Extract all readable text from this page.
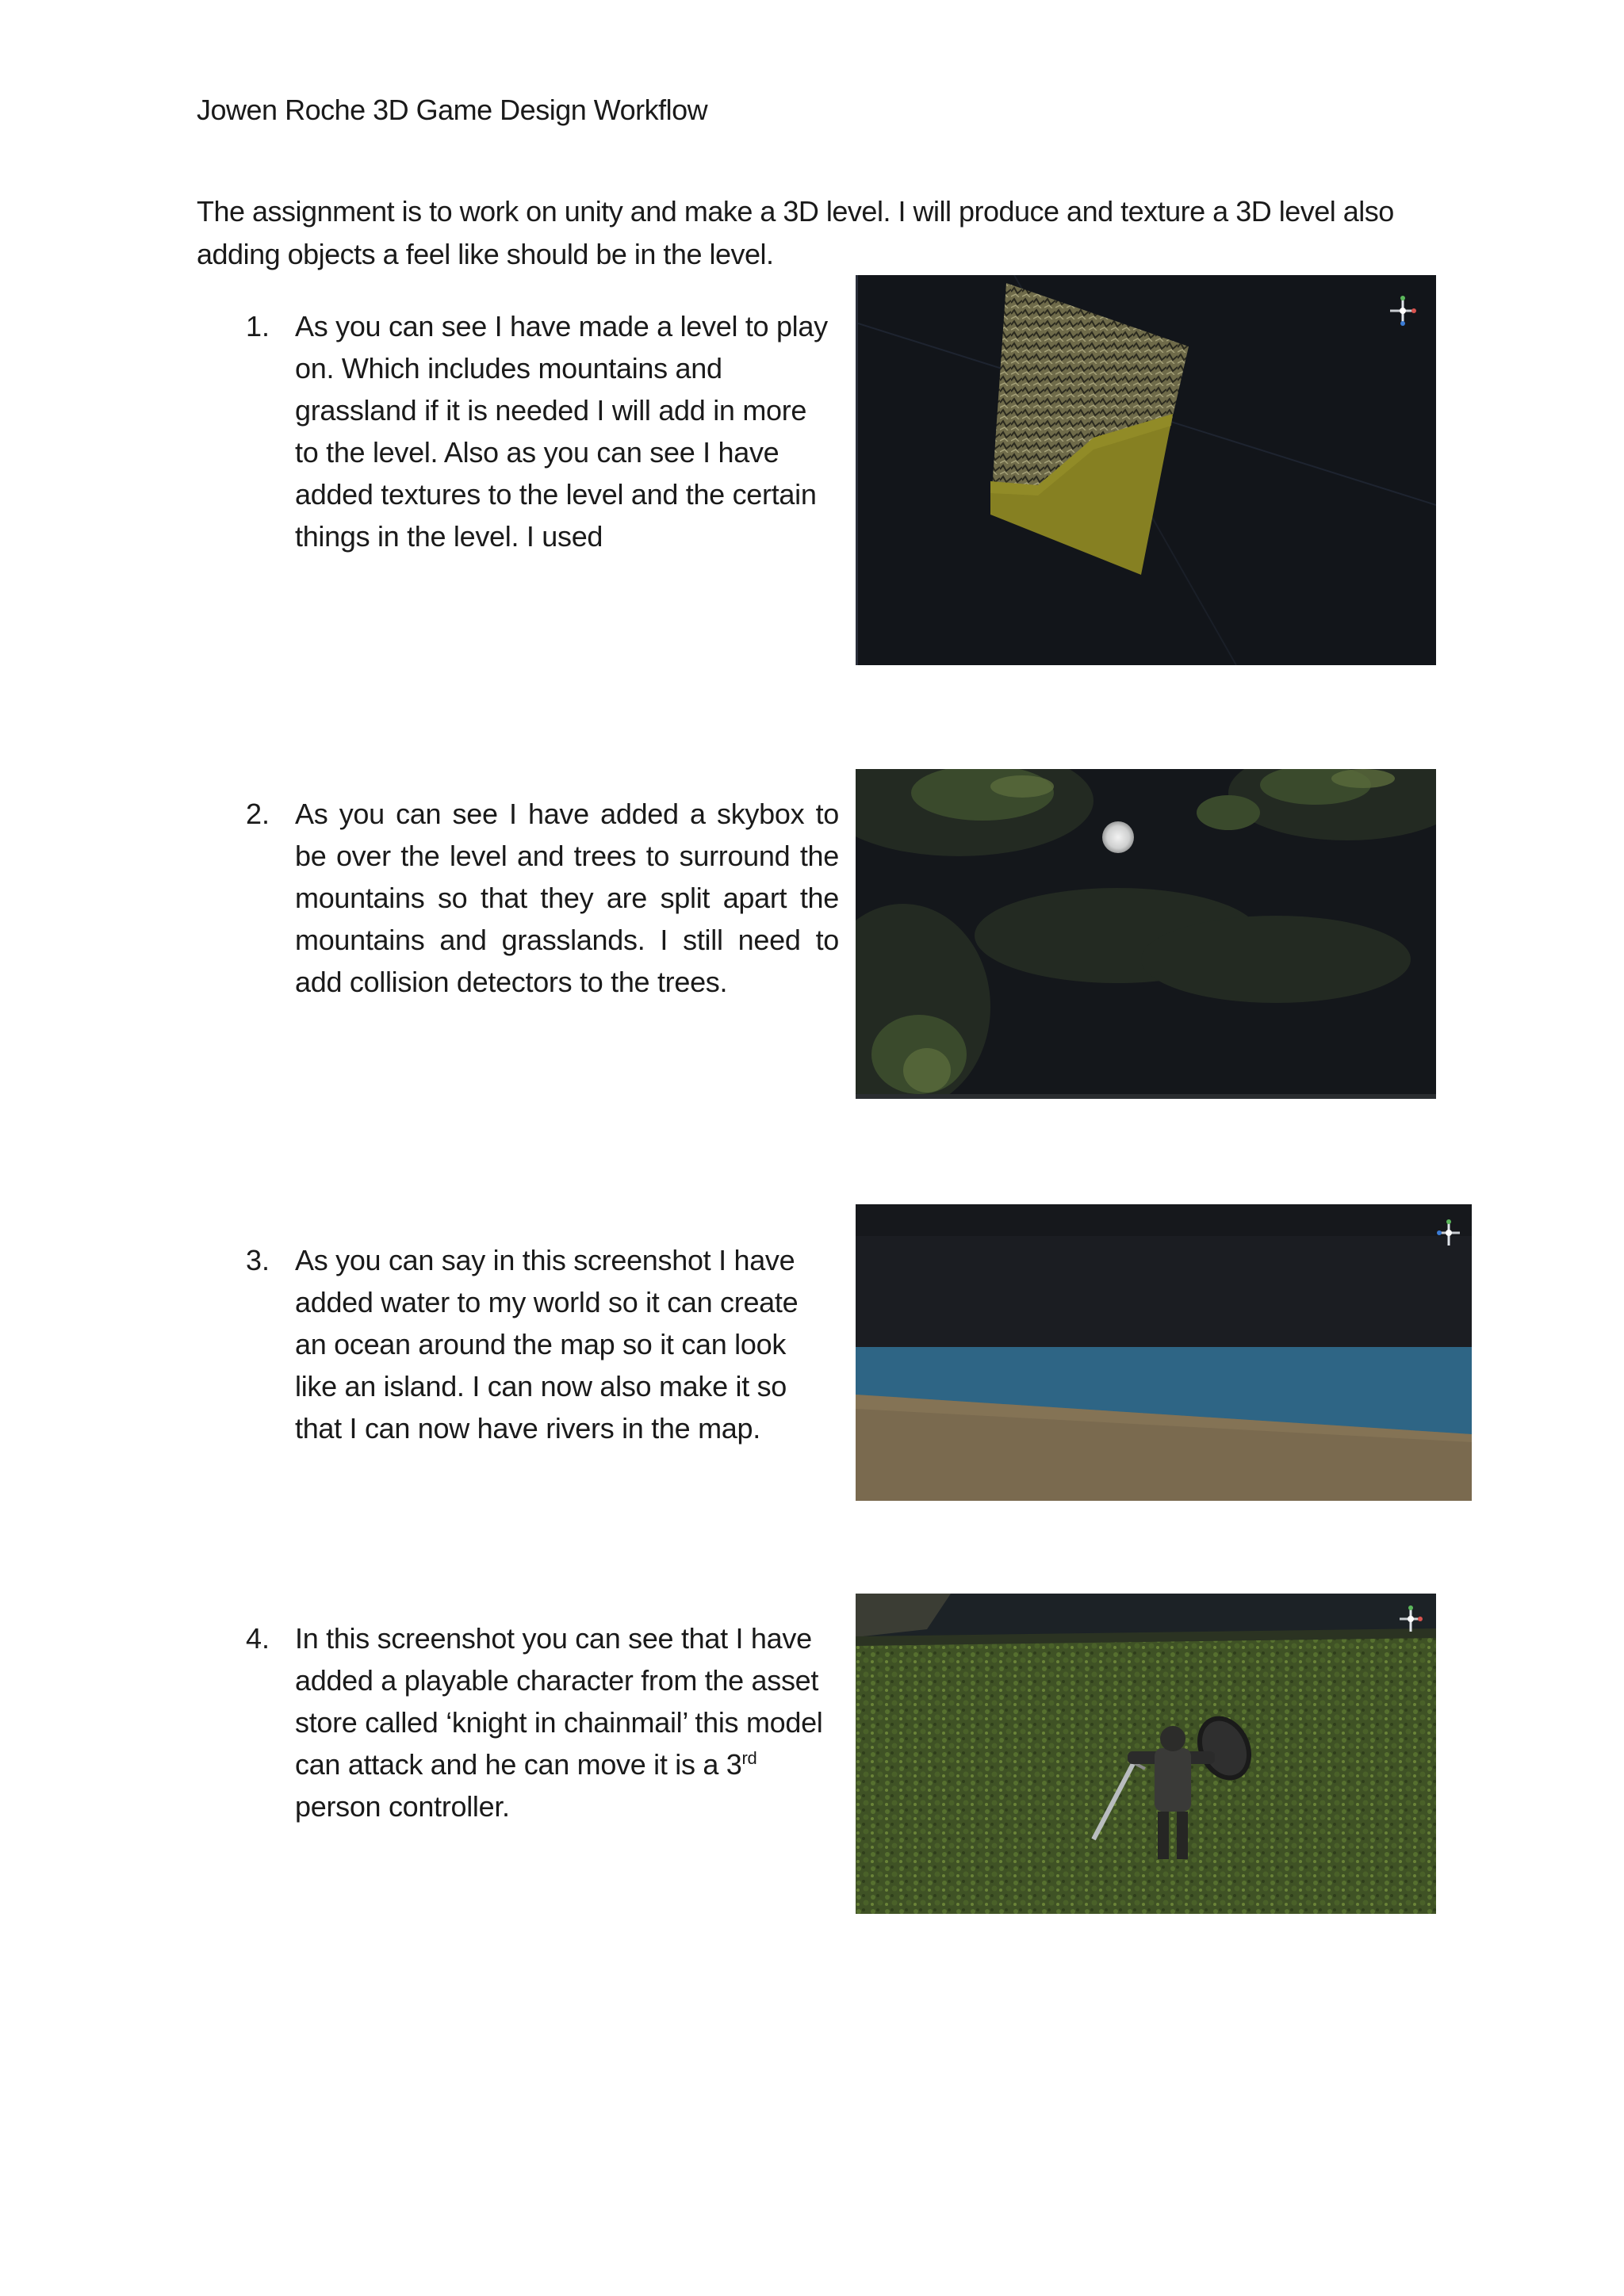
Jowen Roche 3D Game Design Workflow
The assignment is to work on unity and make a 3D level. I will produce and texture a 3D level also adding objects a feel like should be in the level.
1. As you can see I have made a level to play on. Which includes mountains and grassland if it is needed I will add in more to the level. Also as you can see I have added textures to the level and the certain things in the level. I used
2. As you can see I have added a skybox to be over the level and trees to surround the mountains so that they are split apart the mountains and grasslands. I still need to add collision detectors to the trees.
3. As you can say in this screenshot I have added water to my world so it can create an ocean around the map so it can look like an island. I can now also make it so that I can now have rivers in the map.
4. In this screenshot you can see that I have added a playable character from the asset store called ‘knight in chainmail’ this model can attack and he can move it is a 3rd person controller.
